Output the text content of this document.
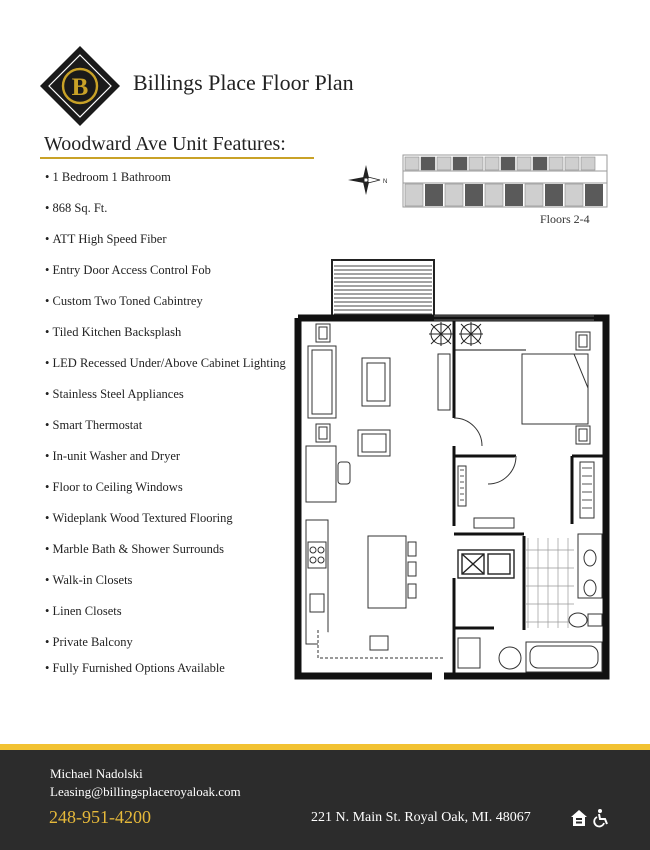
B Billings Place Floor Plan
Woodward Ave Unit Features:
• 1 Bedroom 1 Bathroom
• 868 Sq. Ft.
• ATT High Speed Fiber
• Entry Door Access Control Fob
• Custom Two Toned Cabintrey
• Tiled Kitchen Backsplash
• LED Recessed Under/Above Cabinet Lighting
• Stainless Steel Appliances
• Smart Thermostat
• In-unit Washer and Dryer
• Floor to Ceiling Windows
• Wideplank Wood Textured Flooring
• Marble Bath & Shower Surrounds
• Walk-in Closets
• Linen Closets
• Private Balcony
• Fully Furnished Options Available
N
Floors 2-4
Michael Nadolski
Leasing@billingsplaceroyaloak.com
248-951-4200	221 N. Main St. Royal Oak, MI. 48067
